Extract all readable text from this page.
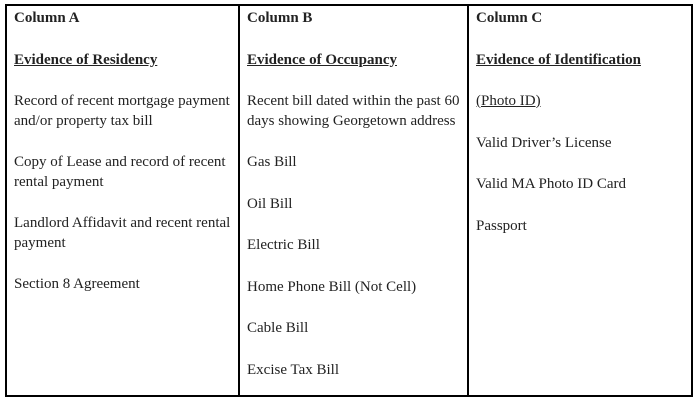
Column A

Evidence of Residency

Record of recent mortgage payment and/or property tax bill
Copy of Lease and record of recent rental payment
Landlord Affidavit and recent rental payment
Section 8 Agreement

Column B

Evidence of Occupancy

Recent bill dated within the past 60 days showing Georgetown address
Gas Bill
Oil Bill
Electric Bill
Home Phone Bill (Not Cell)
Cable Bill
Excise Tax Bill

Column C

Evidence of Identification

(Photo ID)

Valid Driver’s License
Valid MA Photo ID Card
Passport
